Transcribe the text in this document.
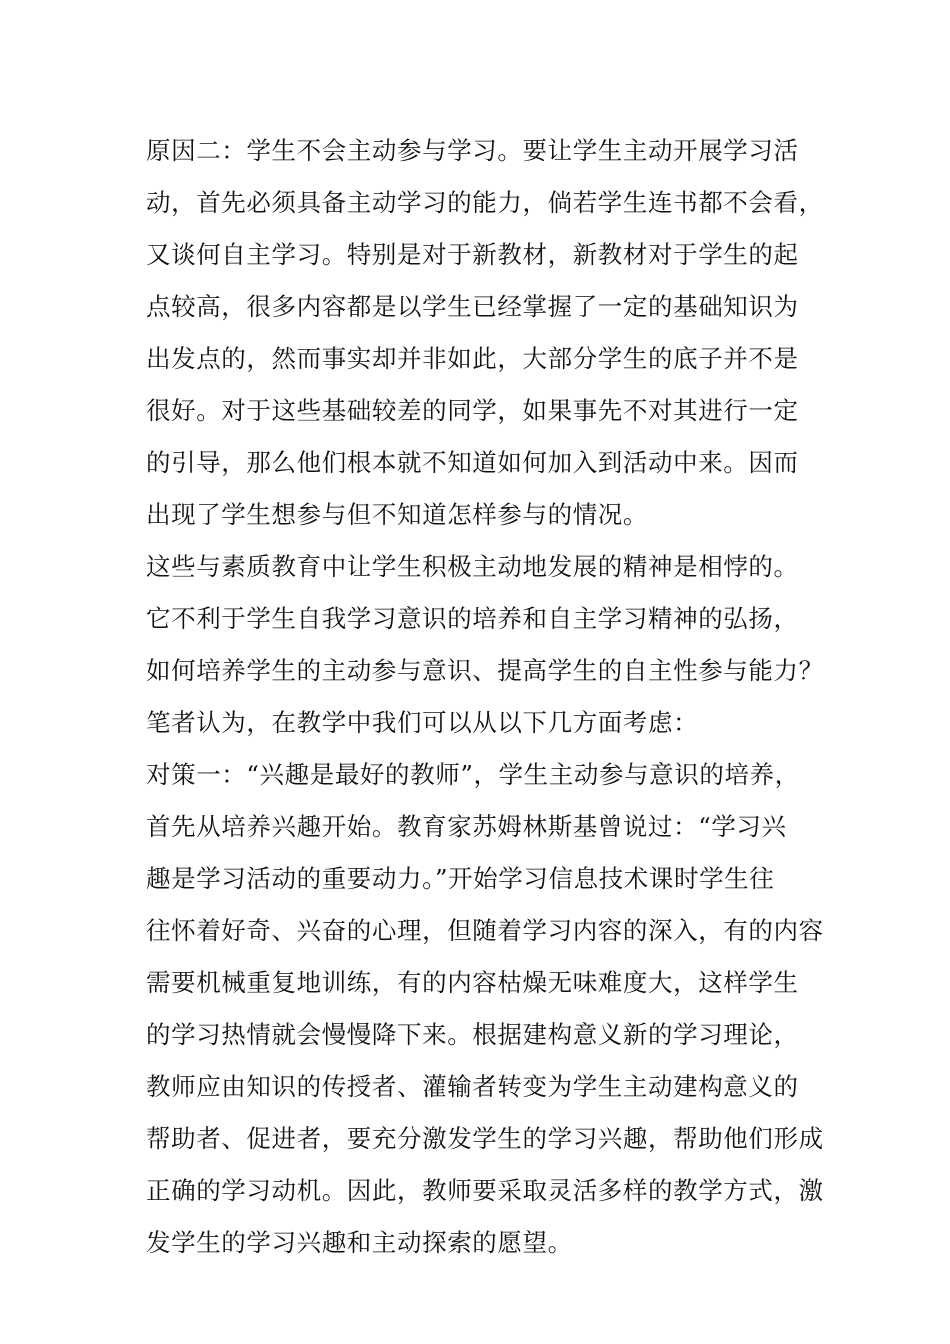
原因二：学生不会主动参与学习。要让学生主动开展学习活
动，首先必须具备主动学习的能力，倘若学生连书都不会看，
又谈何自主学习。特别是对于新教材，新教材对于学生的起
点较高，很多内容都是以学生已经掌握了一定的基础知识为
出发点的，然而事实却并非如此，大部分学生的底子并不是
很好。对于这些基础较差的同学，如果事先不对其进行一定
的引导，那么他们根本就不知道如何加入到活动中来。因而
出现了学生想参与但不知道怎样参与的情况。
这些与素质教育中让学生积极主动地发展的精神是相悖的。
它不利于学生自我学习意识的培养和自主学习精神的弘扬，
如何培养学生的主动参与意识、提高学生的自主性参与能力？
笔者认为，在教学中我们可以从以下几方面考虑：
对策一：“兴趣是最好的教师”，学生主动参与意识的培养，
首先从培养兴趣开始。教育家苏姆林斯基曾说过：“学习兴
趣是学习活动的重要动力。”开始学习信息技术课时学生往
往怀着好奇、兴奋的心理，但随着学习内容的深入，有的内容
需要机械重复地训练，有的内容枯燥无味难度大，这样学生
的学习热情就会慢慢降下来。根据建构意义新的学习理论，
教师应由知识的传授者、灌输者转变为学生主动建构意义的
帮助者、促进者，要充分激发学生的学习兴趣，帮助他们形成
正确的学习动机。因此，教师要采取灵活多样的教学方式，激
发学生的学习兴趣和主动探索的愿望。
